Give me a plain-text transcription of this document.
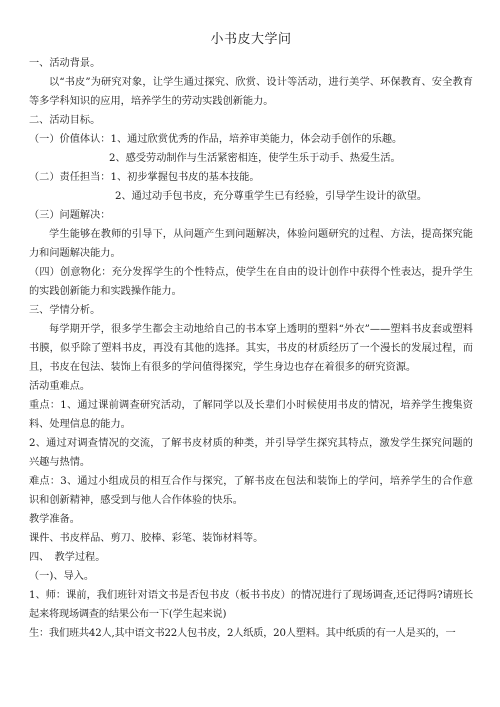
小书皮大学问

一、活动背景。

以“书皮”为研究对象，让学生通过探究、欣赏、设计等活动，进行美学、环保教育、安全教育等多学科知识的应用，培养学生的劳动实践创新能力。

二、活动目标。

（一）价值体认：1、通过欣赏优秀的作品，培养审美能力，体会动手创作的乐趣。

2、感受劳动制作与生活紧密相连，使学生乐于动手、热爱生活。

（二）责任担当：1、初步掌握包书皮的基本技能。

2、通过动手包书皮，充分尊重学生已有经验，引导学生设计的欲望。

（三）问题解决：

学生能够在教师的引导下，从问题产生到问题解决，体验问题研究的过程、方法，提高探究能力和问题解决能力。

（四）创意物化：充分发挥学生的个性特点，使学生在自由的设计创作中获得个性表达，提升学生的实践创新能力和实践操作能力。

三、学情分析。

每学期开学，很多学生都会主动地给自己的书本穿上透明的塑料“外衣”——塑料书皮套或塑料书膜，似乎除了塑料书皮，再没有其他的选择。其实，书皮的材质经历了一个漫长的发展过程，而且，书皮在包法、装饰上有很多的学问值得探究，学生身边也存在着很多的研究资源。

活动重难点。

重点：1、通过课前调查研究活动，了解同学以及长辈们小时候使用书皮的情况，培养学生搜集资料、处理信息的能力。

2、通过对调查情况的交流，了解书皮材质的种类，并引导学生探究其特点，激发学生探究问题的兴趣与热情。

难点：3、通过小组成员的相互合作与探究，了解书皮在包法和装饰上的学问，培养学生的合作意识和创新精神，感受到与他人合作体验的快乐。

教学准备。

课件、书皮样品、剪刀、胶棒、彩笔、装饰材料等。

四、　教学过程。

（一)、导入。

1、师：课前，我们班针对语文书是否包书皮（板书书皮）的情况进行了现场调查,还记得吗?请班长起来将现场调查的结果公布一下(学生起来说)

生：我们班共42人,其中语文书22人包书皮，2人纸质，20人塑料。其中纸质的有一人是买的，一
